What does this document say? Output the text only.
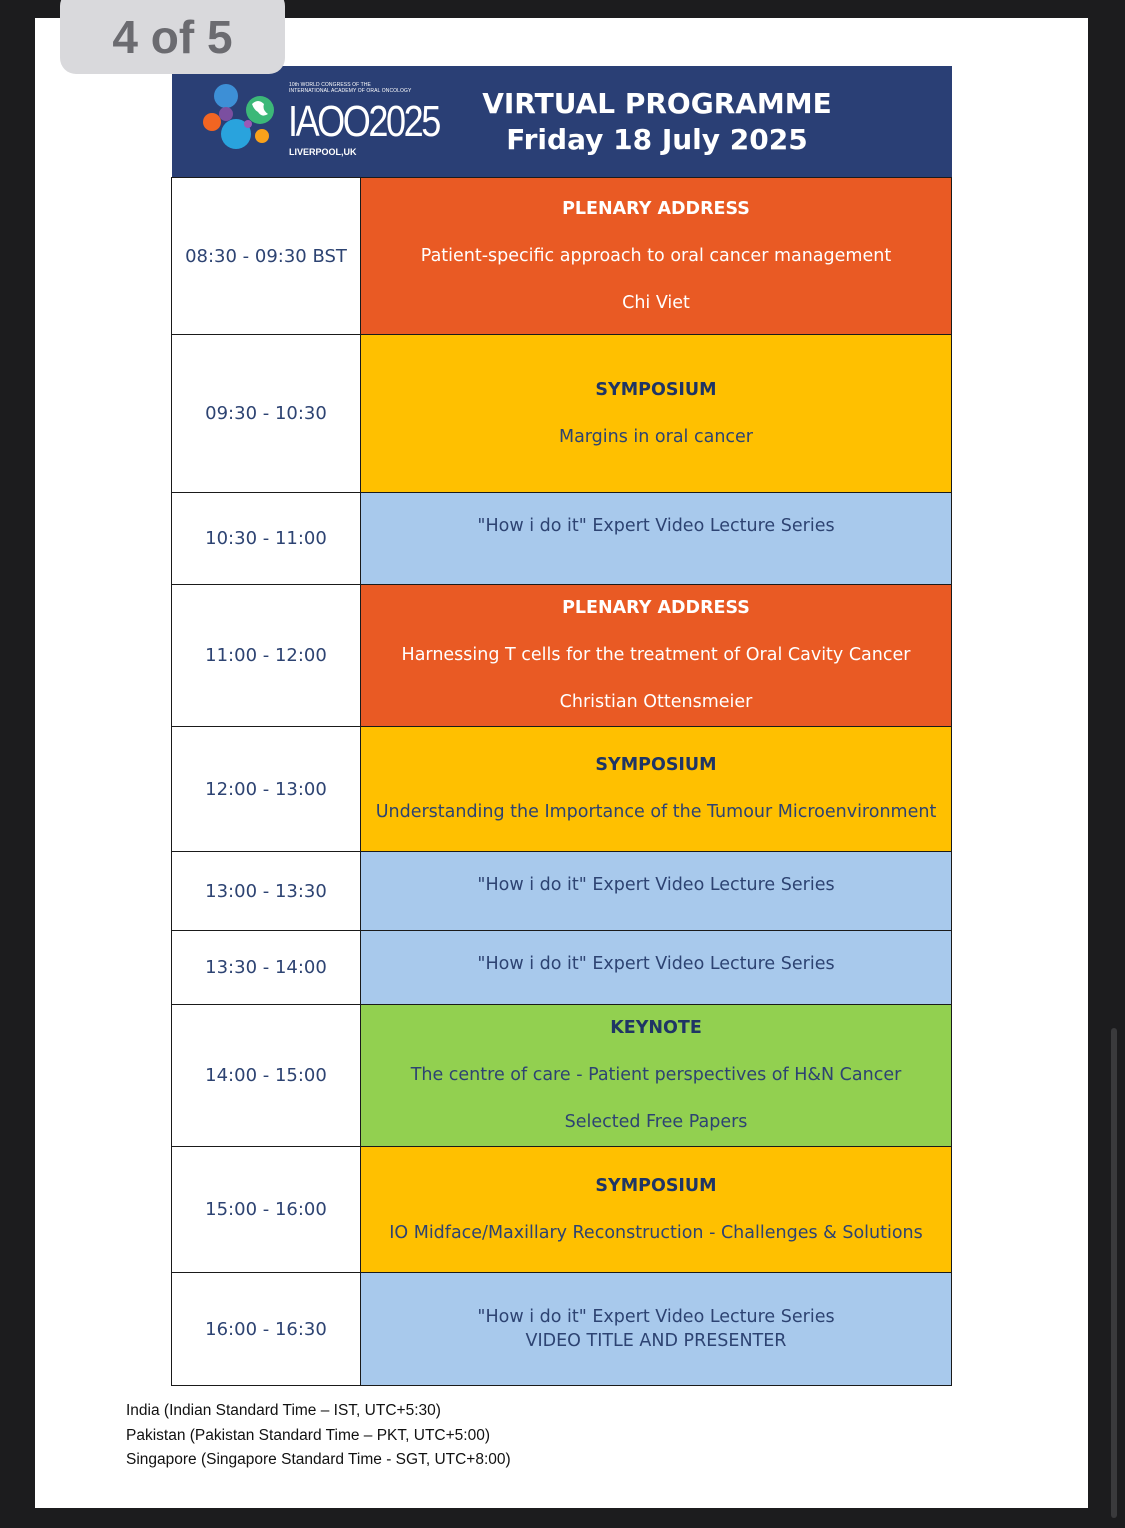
4 of 5
10th WORLD CONGRESS OF THE
INTERNATIONAL ACADEMY OF ORAL ONCOLOGY
IAOO2025
LIVERPOOL,UK
VIRTUAL PROGRAMME
Friday 18 July 2025
08:30 - 09:30 BST	PLENARY ADDRESS
Patient-specific approach to oral cancer management
Chi Viet

09:30 - 10:30	SYMPOSIUM
Margins in oral cancer

10:30 - 11:00	"How i do it" Expert Video Lecture Series

11:00 - 12:00	PLENARY ADDRESS
Harnessing T cells for the treatment of Oral Cavity Cancer
Christian Ottensmeier

12:00 - 13:00	SYMPOSIUM
Understanding the Importance of the Tumour Microenvironment

13:00 - 13:30	"How i do it" Expert Video Lecture Series

13:30 - 14:00	"How i do it" Expert Video Lecture Series

14:00 - 15:00	KEYNOTE
The centre of care - Patient perspectives of H&N Cancer
Selected Free Papers

15:00 - 16:00	SYMPOSIUM
IO Midface/Maxillary Reconstruction - Challenges & Solutions

16:00 - 16:30	"How i do it" Expert Video Lecture Series
VIDEO TITLE AND PRESENTER
India (Indian Standard Time – IST, UTC+5:30)
Pakistan (Pakistan Standard Time – PKT, UTC+5:00)
Singapore (Singapore Standard Time - SGT, UTC+8:00)
